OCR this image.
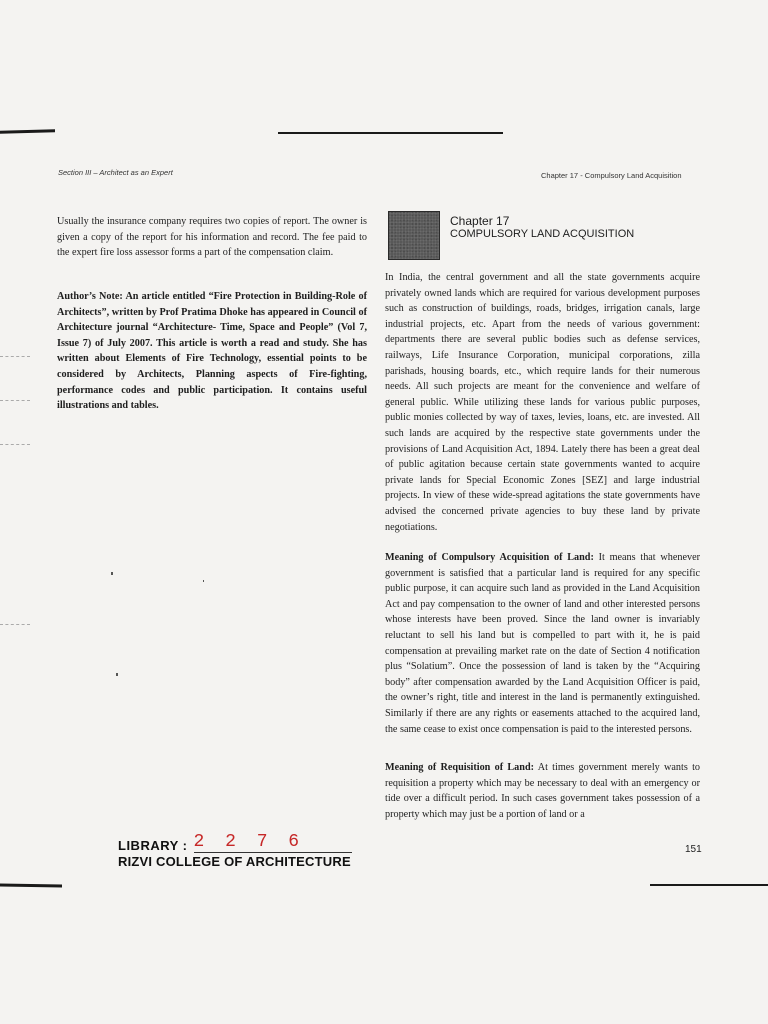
Section III – Architect as an Expert	Chapter 17 - Compulsory Land Acquisition

Usually the insurance company requires two copies of report. The owner is given a copy of the report for his information and record. The fee paid to the expert fire loss assessor forms a part of the compensation claim.

Author’s Note: An article entitled “Fire Protection in Building-Role of Architects”, written by Prof Pratima Dhoke has appeared in Council of Architecture journal “Architecture- Time, Space and People” (Vol 7, Issue 7) of July 2007. This article is worth a read and study. She has written about Elements of Fire Technology, essential points to be considered by Architects, Planning aspects of Fire-fighting, performance codes and public participation. It contains useful illustrations and tables.

Chapter 17
COMPULSORY LAND ACQUISITION

In India, the central government and all the state governments acquire privately owned lands which are required for various development purposes such as construction of buildings, roads, bridges, irrigation canals, large industrial projects, etc. Apart from the needs of various government: departments there are several public bodies such as defense services, railways, Life Insurance Corporation, municipal corporations, zilla parishads, housing boards, etc., which require lands for their numerous needs. All such projects are meant for the convenience and welfare of general public. While utilizing these lands for various public purposes, public monies collected by way of taxes, levies, loans, etc. are invested. All such lands are acquired by the respective state governments under the provisions of Land Acquisition Act, 1894. Lately there has been a great deal of public agitation because certain state governments wanted to acquire private lands for Special Economic Zones [SEZ] and large industrial projects. In view of these wide-spread agitations the state governments have advised the concerned private agencies to buy these land by private negotiations.

Meaning of Compulsory Acquisition of Land: It means that whenever government is satisfied that a particular land is required for any specific public purpose, it can acquire such land as provided in the Land Acquisition Act and pay compensation to the owner of land and other interested persons whose interests have been proved. Since the land owner is invariably reluctant to sell his land but is compelled to part with it, he is paid compensation at prevailing market rate on the date of Section 4 notification plus “Solatium”. Once the possession of land is taken by the “Acquiring body” after compensation awarded by the Land Acquisition Officer is paid, the owner’s right, title and interest in the land is permanently extinguished. Similarly if there are any rights or easements attached to the acquired land, the same cease to exist once compensation is paid to the interested persons.

Meaning of Requisition of Land: At times government merely wants to requisition a property which may be necessary to deal with an emergency or tide over a difficult period. In such cases government takes possession of a property which may just be a portion of land or a

LIBRARY : 2 2 7 6
RIZVI COLLEGE OF ARCHITECTURE
151
